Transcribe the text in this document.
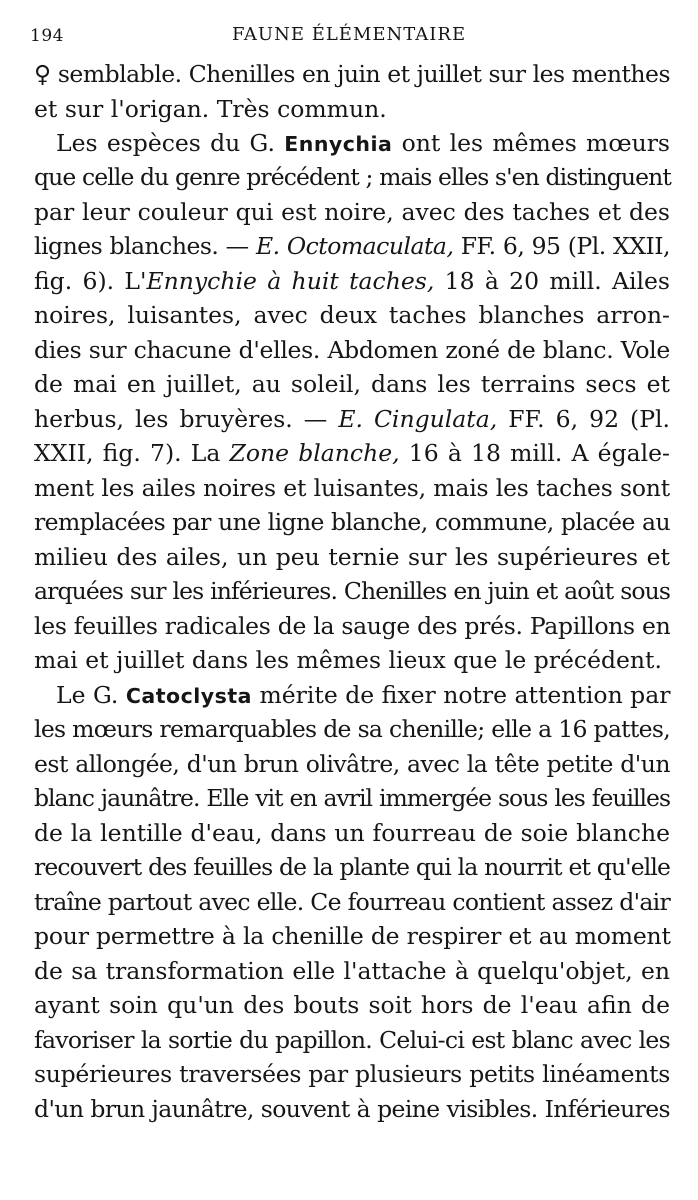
194	FAUNE ÉLÉMENTAIRE
♀ semblable. Chenilles en juin et juillet sur les menthes
et sur l'origan. Très commun.
Les espèces du G. Ennychia ont les mêmes mœurs
que celle du genre précédent ; mais elles s'en distinguent
par leur couleur qui est noire, avec des taches et des
lignes blanches. — E. Octomaculata, FF. 6, 95 (Pl. XXII,
fig. 6). L'Ennychie à huit taches, 18 à 20 mill. Ailes
noires, luisantes, avec deux taches blanches arron-
dies sur chacune d'elles. Abdomen zoné de blanc. Vole
de mai en juillet, au soleil, dans les terrains secs et
herbus, les bruyères. — E. Cingulata, FF. 6, 92 (Pl.
XXII, fig. 7). La Zone blanche, 16 à 18 mill. A égale-
ment les ailes noires et luisantes, mais les taches sont
remplacées par une ligne blanche, commune, placée au
milieu des ailes, un peu ternie sur les supérieures et
arquées sur les inférieures. Chenilles en juin et août sous
les feuilles radicales de la sauge des prés. Papillons en
mai et juillet dans les mêmes lieux que le précédent.
Le G. Catoclysta mérite de fixer notre attention par
les mœurs remarquables de sa chenille; elle a 16 pattes,
est allongée, d'un brun olivâtre, avec la tête petite d'un
blanc jaunâtre. Elle vit en avril immergée sous les feuilles
de la lentille d'eau, dans un fourreau de soie blanche
recouvert des feuilles de la plante qui la nourrit et qu'elle
traîne partout avec elle. Ce fourreau contient assez d'air
pour permettre à la chenille de respirer et au moment
de sa transformation elle l'attache à quelqu'objet, en
ayant soin qu'un des bouts soit hors de l'eau afin de
favoriser la sortie du papillon. Celui-ci est blanc avec les
supérieures traversées par plusieurs petits linéaments
d'un brun jaunâtre, souvent à peine visibles. Inférieures
